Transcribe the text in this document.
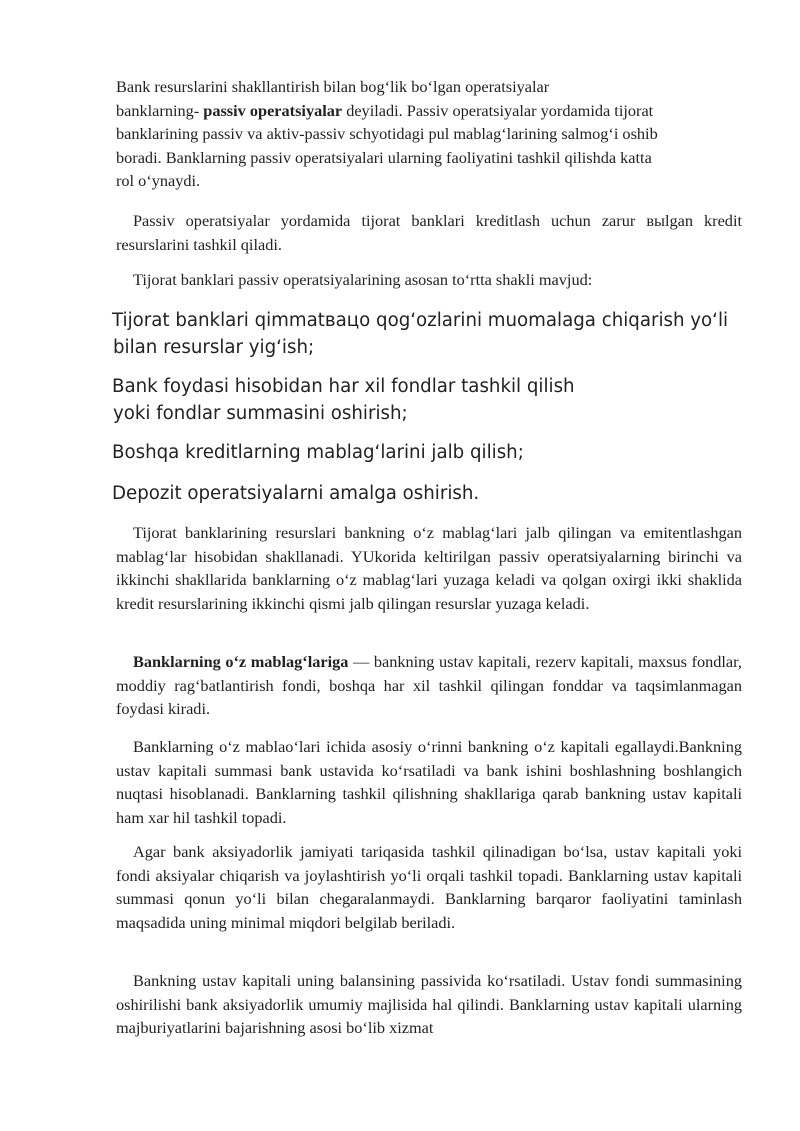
Bank resurslarini shakllantirish bilan bogʻlik boʻlgan operatsiyalar
banklarning- passiv operatsiyalar deyiladi. Passiv operatsiyalar yordamida tijorat
banklarining passiv va aktiv-passiv schyotidagi pul mablagʻlarining salmogʻi oshib
boradi. Banklarning passiv operatsiyalari ularning faoliyatini tashkil qilishda katta
rol oʻynaydi.

Passiv operatsiyalar yordamida tijorat banklari kreditlash uchun zarur выlgan kredit resurslarini tashkil qiladi.

Tijorat banklari passiv operatsiyalarining asosan toʻrtta shakli mavjud:

Tijorat banklari qimmatвацо qogʻozlarini muomalaga chiqarish yoʻli
bilan resurslar yigʻish;
Bank foydasi hisobidan har xil fondlar tashkil qilish
yoki fondlar summasini oshirish;
Boshqa kreditlarning mablagʻlarini jalb qilish;
Depozit operatsiyalarni amalga oshirish.

Tijorat banklarining resurslari bankning oʻz mablagʻlari jalb qilingan va emitentlashgan mablagʻlar hisobidan shakllanadi. YUkorida keltirilgan passiv operatsiyalarning birinchi va ikkinchi shakllarida banklarning oʻz mablagʻlari yuzaga keladi va qolgan oxirgi ikki shaklida kredit resurslarining ikkinchi qismi jalb qilingan resurslar yuzaga keladi.

Banklarning oʻz mablagʻlariga — bankning ustav kapitali, rezerv kapitali, maxsus fondlar, moddiy ragʻbatlantirish fondi, boshqa har xil tashkil qilingan fonddar va taqsimlanmagan foydasi kiradi.

Banklarning oʻz mablaoʻlari ichida asosiy oʻrinni bankning oʻz kapitali egallaydi.Bankning ustav kapitali summasi bank ustavida koʻrsatiladi va bank ishini boshlashning boshlangich nuqtasi hisoblanadi. Banklarning tashkil qilishning shakllariga qarab bankning ustav kapitali ham xar hil tashkil topadi.

Agar bank aksiyadorlik jamiyati tariqasida tashkil qilinadigan boʻlsa, ustav kapitali yoki fondi aksiyalar chiqarish va joylashtirish yoʻli orqali tashkil topadi. Banklarning ustav kapitali summasi qonun yoʻli bilan chegaralanmaydi. Banklarning barqaror faoliyatini taminlash maqsadida uning minimal miqdori belgilab beriladi.

Bankning ustav kapitali uning balansining passivida koʻrsatiladi. Ustav fondi summasining oshirilishi bank aksiyadorlik umumiy majlisida hal qilindi. Banklarning ustav kapitali ularning majburiyatlarini bajarishning asosi boʻlib xizmat
